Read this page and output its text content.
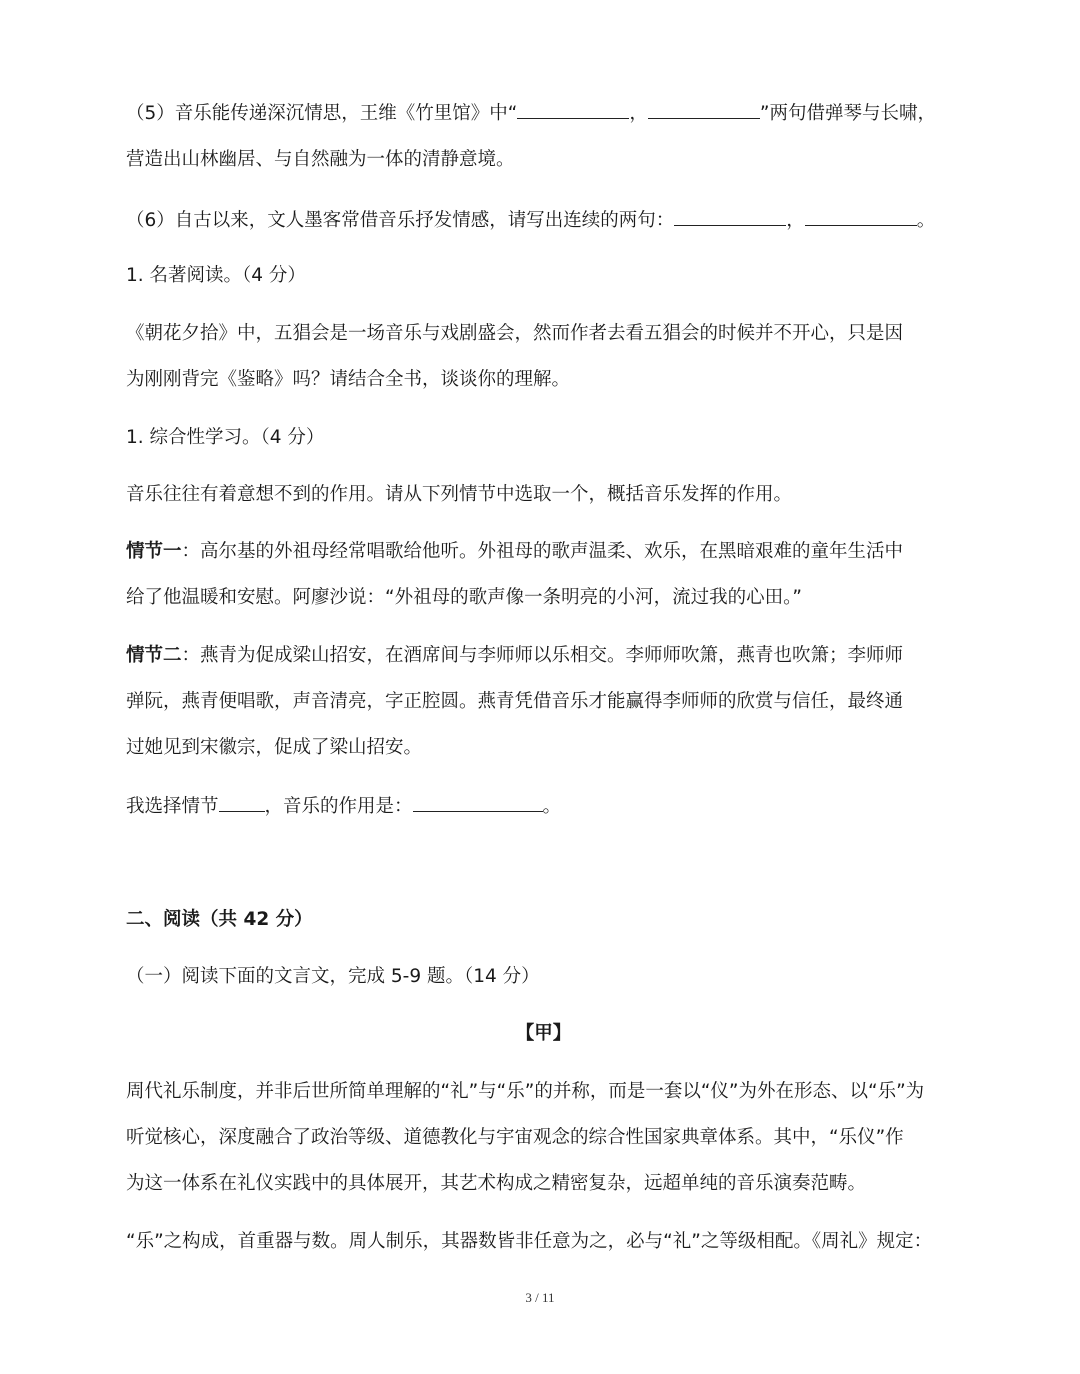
（5）音乐能传递深沉情思，王维《竹里馆》中“	，	”两句借弹琴与长啸，
营造出山林幽居、与自然融为一体的清静意境。
（6）自古以来，文人墨客常借音乐抒发情感，请写出连续的两句：	，	。
1. 名著阅读。（4 分）
《朝花夕拾》中，五猖会是一场音乐与戏剧盛会，然而作者去看五猖会的时候并不开心，只是因
为刚刚背完《鉴略》吗？请结合全书，谈谈你的理解。
1. 综合性学习。（4 分）
音乐往往有着意想不到的作用。请从下列情节中选取一个，概括音乐发挥的作用。
情节一：高尔基的外祖母经常唱歌给他听。外祖母的歌声温柔、欢乐，在黑暗艰难的童年生活中
给了他温暖和安慰。阿廖沙说：“外祖母的歌声像一条明亮的小河，流过我的心田。”
情节二：燕青为促成梁山招安，在酒席间与李师师以乐相交。李师师吹箫，燕青也吹箫；李师师
弹阮，燕青便唱歌，声音清亮，字正腔圆。燕青凭借音乐才能赢得李师师的欣赏与信任，最终通
过她见到宋徽宗，促成了梁山招安。
我选择情节 ，音乐的作用是：	。
二、阅读（共 42 分）
（一）阅读下面的文言文，完成 5-9 题。（14 分）
【甲】
周代礼乐制度，并非后世所简单理解的“礼”与“乐”的并称，而是一套以“仪”为外在形态、以“乐”为
听觉核心，深度融合了政治等级、道德教化与宇宙观念的综合性国家典章体系。其中，“乐仪”作
为这一体系在礼仪实践中的具体展开，其艺术构成之精密复杂，远超单纯的音乐演奏范畴。
“乐”之构成，首重器与数。周人制乐，其器数皆非任意为之，必与“礼”之等级相配。《周礼》规定：
3 / 11
